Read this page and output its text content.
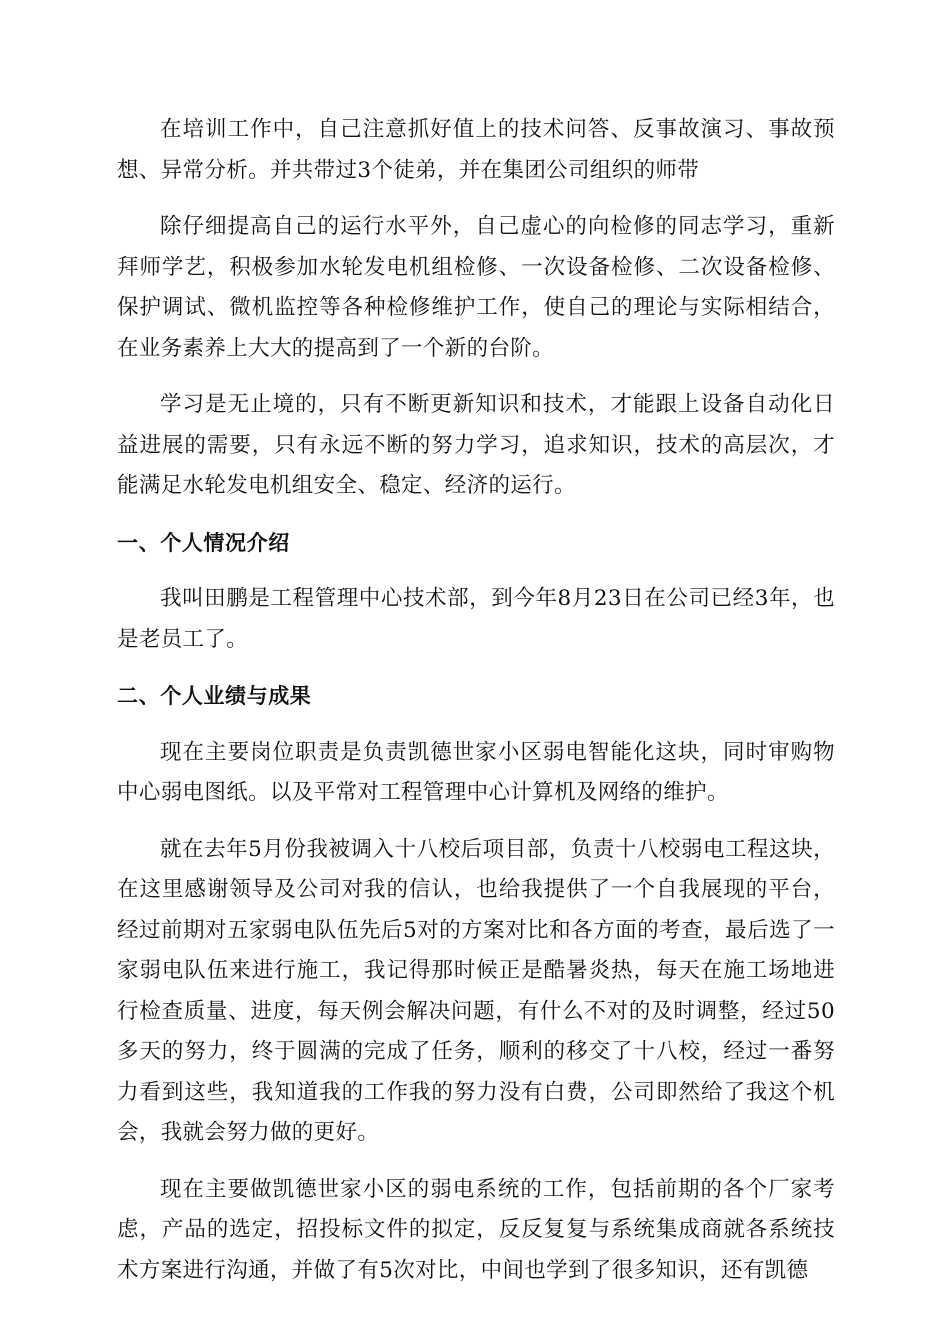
在培训工作中，自己注意抓好值上的技术问答、反事故演习、事故预想、异常分析。并共带过3个徒弟，并在集团公司组织的师带

除仔细提高自己的运行水平外，自己虚心的向检修的同志学习，重新拜师学艺，积极参加水轮发电机组检修、一次设备检修、二次设备检修、保护调试、微机监控等各种检修维护工作，使自己的理论与实际相结合，在业务素养上大大的提高到了一个新的台阶。

学习是无止境的，只有不断更新知识和技术，才能跟上设备自动化日益进展的需要，只有永远不断的努力学习，追求知识，技术的高层次，才能满足水轮发电机组安全、稳定、经济的运行。

一、个人情况介绍

我叫田鹏是工程管理中心技术部，到今年8月23日在公司已经3年，也是老员工了。

二、个人业绩与成果

现在主要岗位职责是负责凯德世家小区弱电智能化这块，同时审购物中心弱电图纸。以及平常对工程管理中心计算机及网络的维护。

就在去年5月份我被调入十八校后项目部，负责十八校弱电工程这块，在这里感谢领导及公司对我的信认，也给我提供了一个自我展现的平台，经过前期对五家弱电队伍先后5对的方案对比和各方面的考查，最后选了一家弱电队伍来进行施工，我记得那时候正是酷暑炎热，每天在施工场地进行检查质量、进度，每天例会解决问题，有什么不对的及时调整，经过50多天的努力，终于圆满的完成了任务，顺利的移交了十八校，经过一番努力看到这些，我知道我的工作我的努力没有白费，公司即然给了我这个机会，我就会努力做的更好。

现在主要做凯德世家小区的弱电系统的工作，包括前期的各个厂家考虑，产品的选定，招投标文件的拟定，反反复复与系统集成商就各系统技术方案进行沟通，并做了有5次对比，中间也学到了很多知识，还有凯德
